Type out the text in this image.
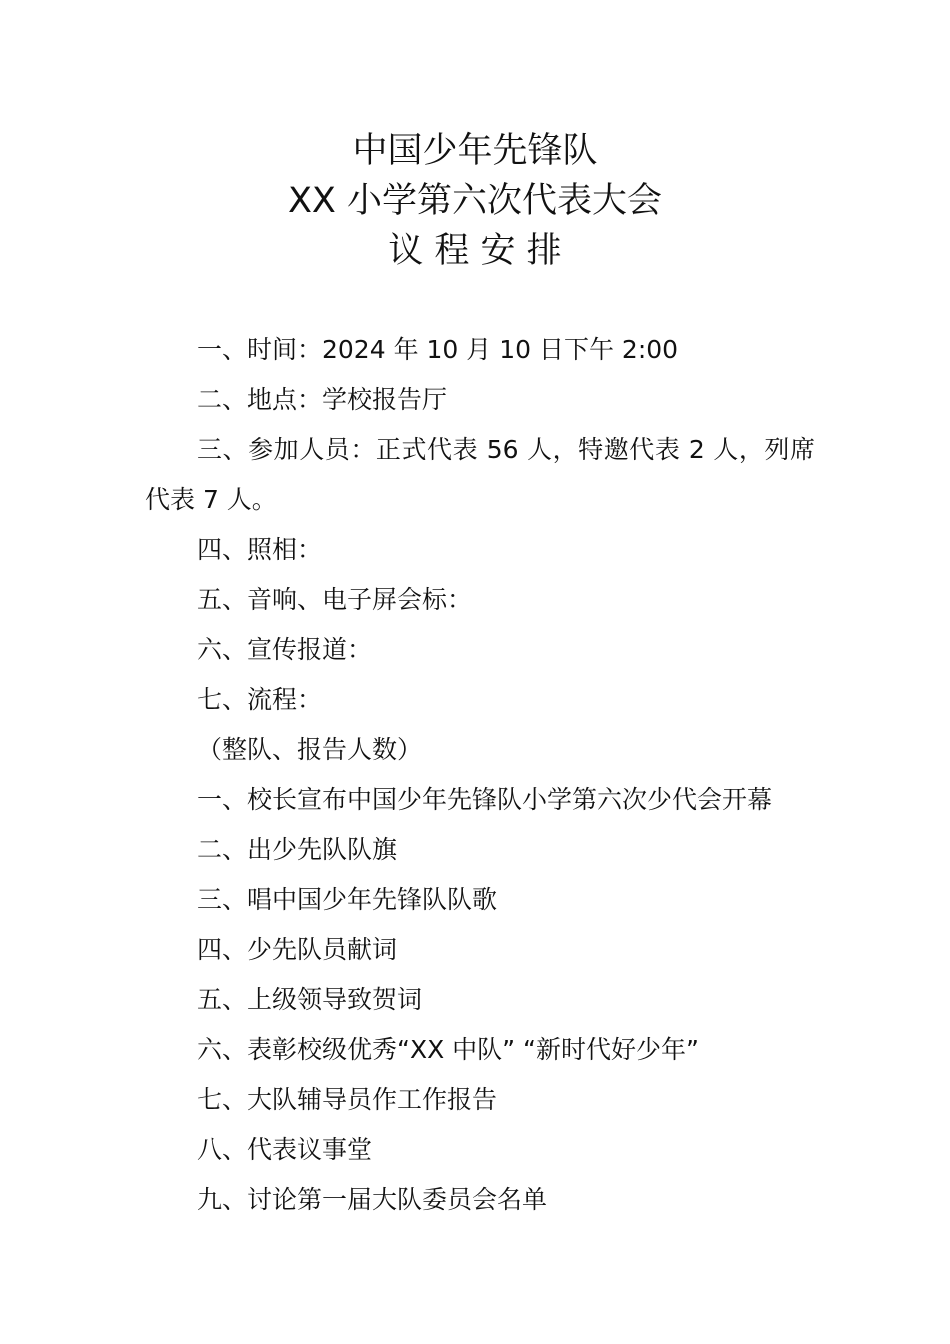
中国少年先锋队
XX 小学第六次代表大会
议 程 安 排
一、时间：2024 年 10 月 10 日下午 2:00
二、地点：学校报告厅
三、参加人员：正式代表 56 人，特邀代表 2 人，列席代表 7 人。
四、照相：
五、音响、电子屏会标：
六、宣传报道：
七、流程：
（整队、报告人数）
一、校长宣布中国少年先锋队小学第六次少代会开幕
二、出少先队队旗
三、唱中国少年先锋队队歌
四、少先队员献词
五、上级领导致贺词
六、表彰校级优秀“XX 中队” “新时代好少年”
七、大队辅导员作工作报告
八、代表议事堂
九、讨论第一届大队委员会名单
